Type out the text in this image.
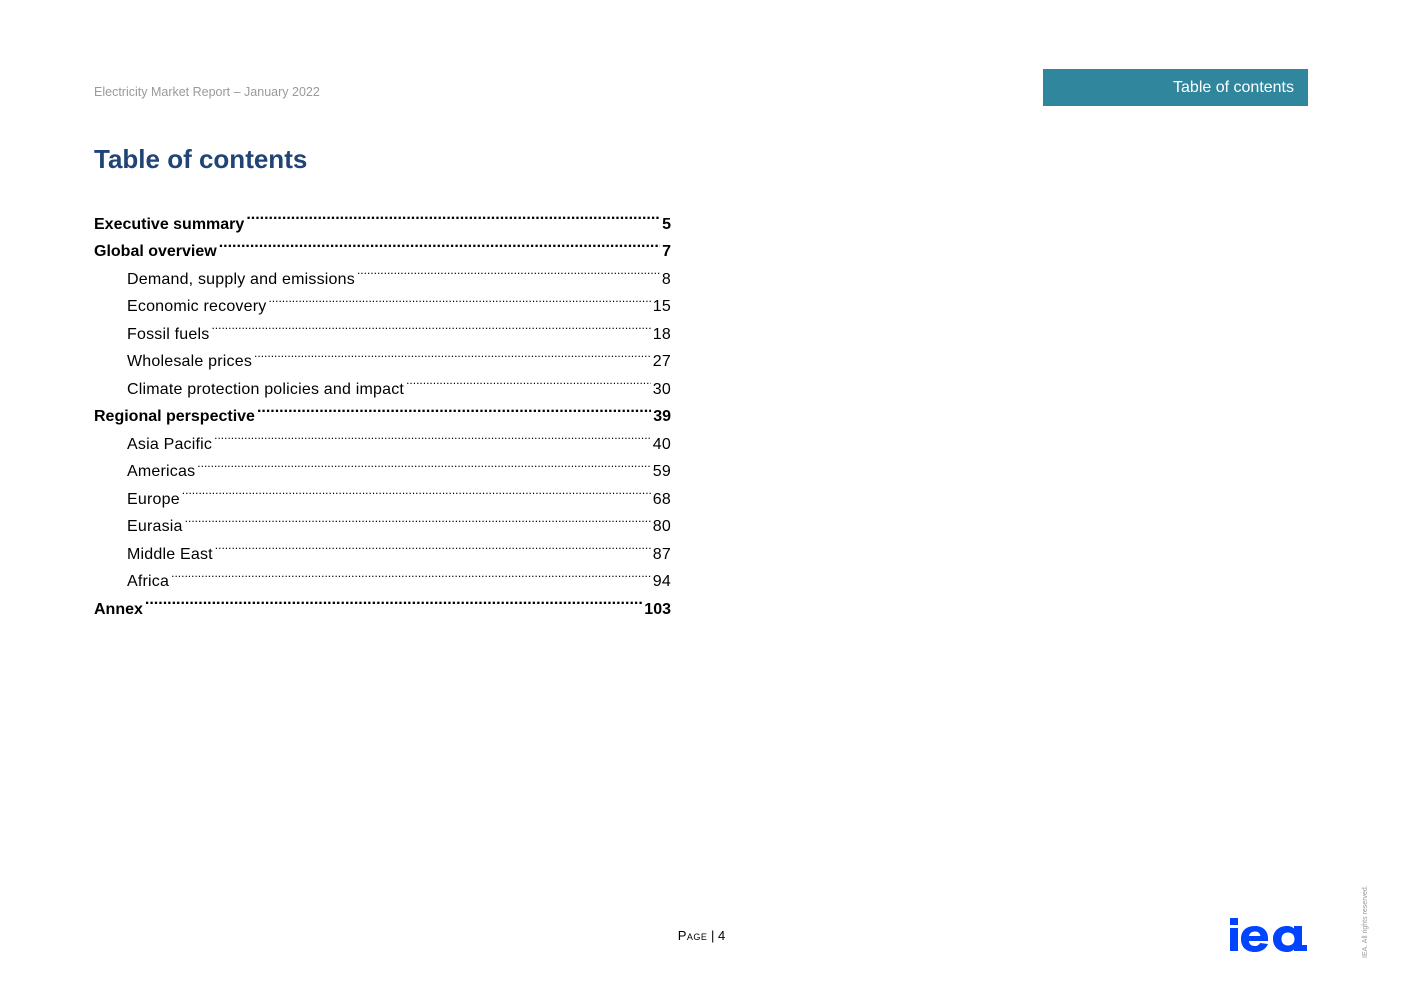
Electricity Market Report – January 2022	Table of contents
Table of contents
Executive summary .....	5
Global overview .....	7
Demand, supply and emissions .....	8
Economic recovery .....	15
Fossil fuels .....	18
Wholesale prices .....	27
Climate protection policies and impact .....	30
Regional perspective .....	39
Asia Pacific .....	40
Americas .....	59
Europe .....	68
Eurasia .....	80
Middle East .....	87
Africa .....	94
Annex .....	103
Page | 4	IEA. All rights reserved.
